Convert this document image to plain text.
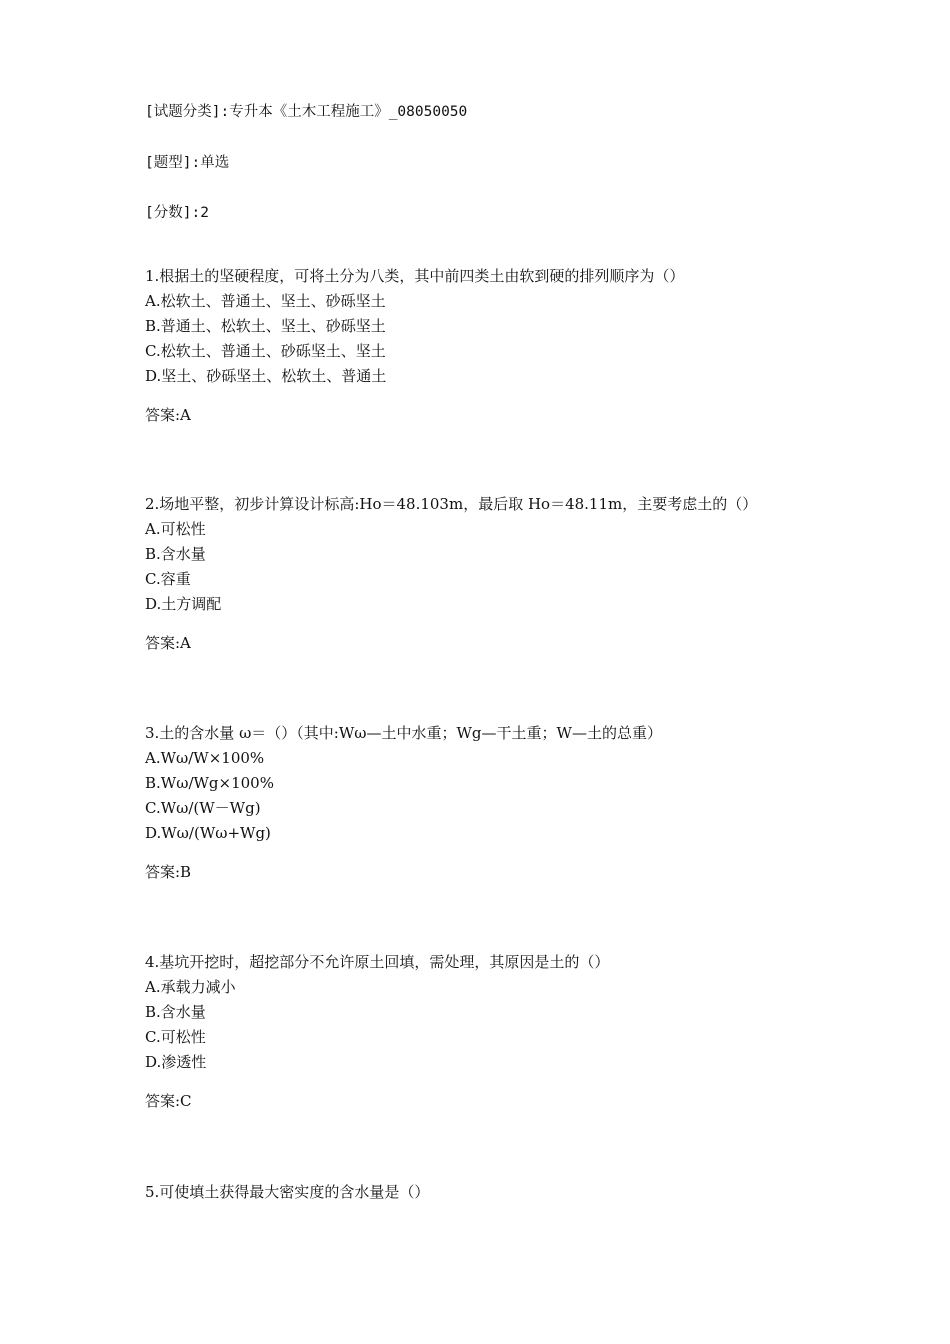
[试题分类]:专升本《土木工程施工》_08050050
[题型]:单选
[分数]:2
1.根据土的坚硬程度，可将土分为八类，其中前四类土由软到硬的排列顺序为（）
A.松软土、普通土、坚土、砂砾坚土
B.普通土、松软土、坚土、砂砾坚土
C.松软土、普通土、砂砾坚土、坚土
D.坚土、砂砾坚土、松软土、普通土
答案:A
2.场地平整，初步计算设计标高:Ho＝48.103m，最后取 Ho＝48.11m，主要考虑土的（）
A.可松性
B.含水量
C.容重
D.土方调配
答案:A
3.土的含水量 ω＝（）（其中:Wω—土中水重；Wg—干土重；W—土的总重）
A.Wω/W×100%
B.Wω/Wg×100%
C.Wω/(W－Wg)
D.Wω/(Wω+Wg)
答案:B
4.基坑开挖时，超挖部分不允许原土回填，需处理，其原因是土的（）
A.承载力减小
B.含水量
C.可松性
D.渗透性
答案:C
5.可使填土获得最大密实度的含水量是（）
